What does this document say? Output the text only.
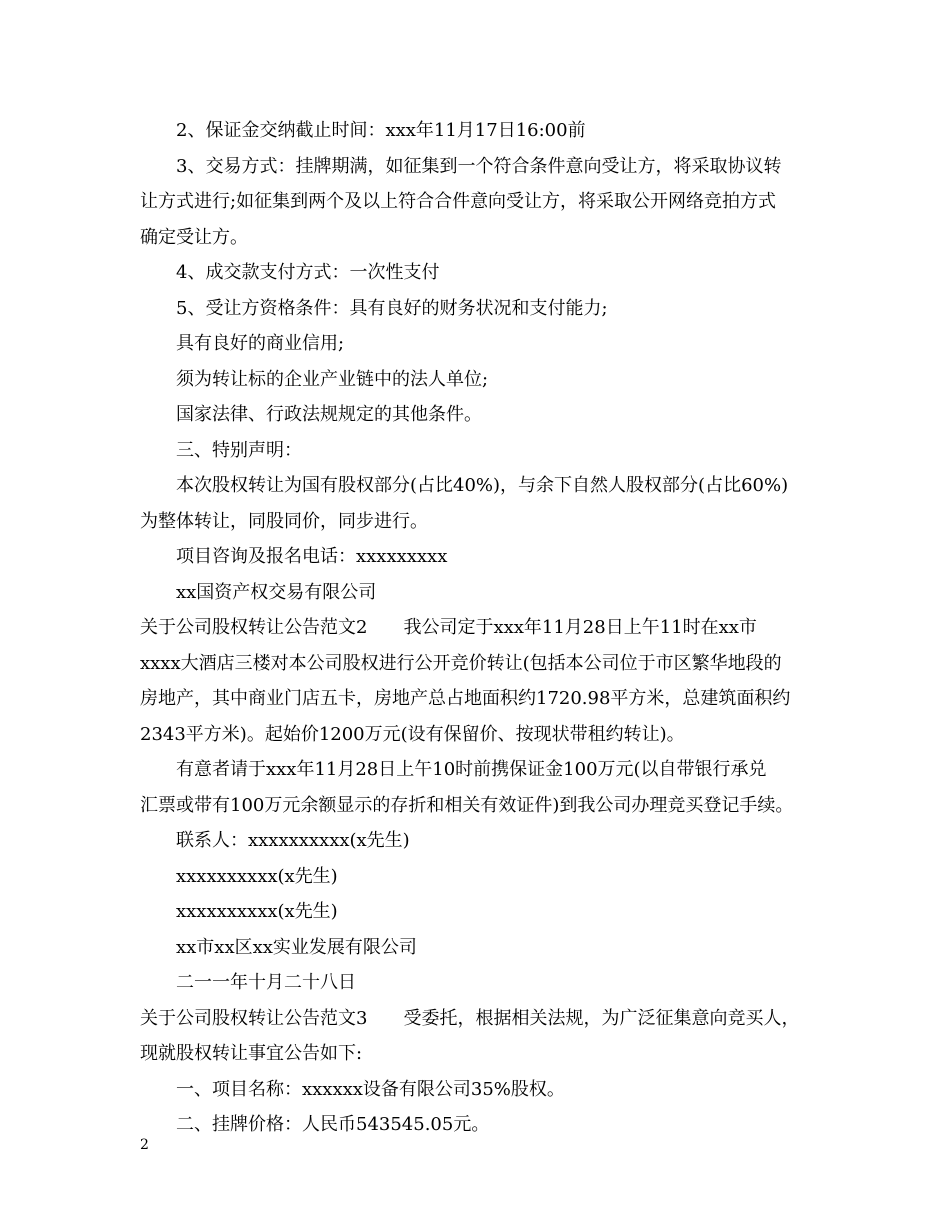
2、保证金交纳截止时间：xxx年11月17日16:00前
3、交易方式：挂牌期满，如征集到一个符合条件意向受让方，将采取协议转
让方式进行;如征集到两个及以上符合合件意向受让方，将采取公开网络竞拍方式
确定受让方。
4、成交款支付方式：一次性支付
5、受让方资格条件：具有良好的财务状况和支付能力;
具有良好的商业信用;
须为转让标的企业产业链中的法人单位;
国家法律、行政法规规定的其他条件。
三、特别声明：
本次股权转让为国有股权部分(占比40%)，与余下自然人股权部分(占比60%)
为整体转让，同股同价，同步进行。
项目咨询及报名电话：xxxxxxxxx
xx国资产权交易有限公司
关于公司股权转让公告范文2　　我公司定于xxx年11月28日上午11时在xx市
xxxx大酒店三楼对本公司股权进行公开竞价转让(包括本公司位于市区繁华地段的
房地产，其中商业门店五卡，房地产总占地面积约1720.98平方米，总建筑面积约
2343平方米)。起始价1200万元(设有保留价、按现状带租约转让)。
有意者请于xxx年11月28日上午10时前携保证金100万元(以自带银行承兑
汇票或带有100万元余额显示的存折和相关有效证件)到我公司办理竞买登记手续。
联系人：xxxxxxxxxx(x先生)
xxxxxxxxxx(x先生)
xxxxxxxxxx(x先生)
xx市xx区xx实业发展有限公司
二一一年十月二十八日
关于公司股权转让公告范文3　　受委托，根据相关法规，为广泛征集意向竞买人，
现就股权转让事宜公告如下:
一、项目名称：xxxxxx设备有限公司35%股权。
二、挂牌价格：人民币543545.05元。
2
